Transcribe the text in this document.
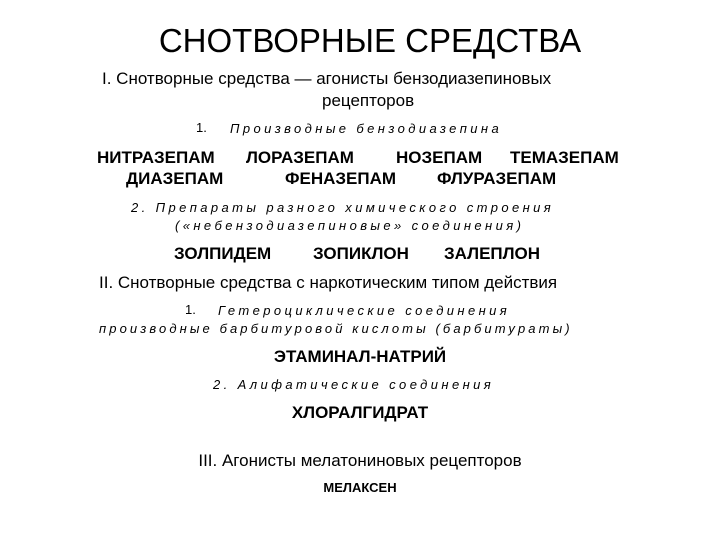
СНОТВОРНЫЕ СРЕДСТВА
I. Снотворные средства — агонисты бензодиазепиновых
рецепторов
1. Производные бензодиазепина
НИТРАЗЕПАМ ЛОРАЗЕПАМ НОЗЕПАМ ТЕМАЗЕПАМ
ДИАЗЕПАМ	ФЕНАЗЕПАМ ФЛУРАЗЕПАМ
2. Препараты разного химического строения
(«небензодиазепиновые» соединения)
ЗОЛПИДЕМ ЗОПИКЛОН ЗАЛЕПЛОН
II. Снотворные средства с наркотическим типом действия
1. Гетероциклические соединения
производные барбитуровой кислоты (барбитураты)
ЭТАМИНАЛ-НАТРИЙ
2. Алифатические соединения
ХЛОРАЛГИДРАТ
III. Агонисты мелатониновых рецепторов
МЕЛАКСЕН
